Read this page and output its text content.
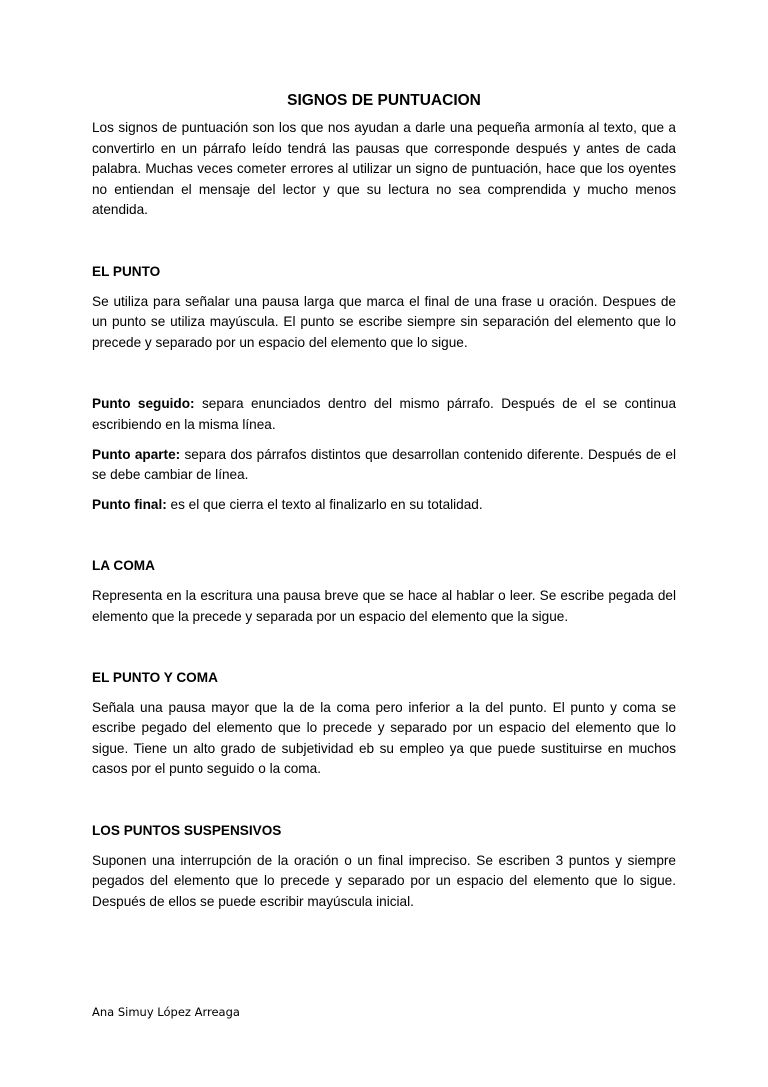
SIGNOS DE PUNTUACION

Los signos de puntuación son los que nos ayudan a darle una pequeña armonía al texto, que a convertirlo en un párrafo leído tendrá las pausas que corresponde después y antes de cada palabra. Muchas veces cometer errores al utilizar un signo de puntuación, hace que los oyentes no entiendan el mensaje del lector y que su lectura no sea comprendida y mucho menos atendida.

EL PUNTO

Se utiliza para señalar una pausa larga que marca el final de una frase u oración. Despues de un punto se utiliza mayúscula. El punto se escribe siempre sin separación del elemento que lo precede y separado por un espacio del elemento que lo sigue.

Punto seguido: separa enunciados dentro del mismo párrafo. Después de el se continua escribiendo en la misma línea.

Punto aparte: separa dos párrafos distintos que desarrollan contenido diferente. Después de el se debe cambiar de línea.

Punto final: es el que cierra el texto al finalizarlo en su totalidad.

LA COMA

Representa en la escritura una pausa breve que se hace al hablar o leer. Se escribe pegada del elemento que la precede y separada por un espacio del elemento que la sigue.

EL PUNTO Y COMA

Señala una pausa mayor que la de la coma pero inferior a la del punto. El punto y coma se escribe pegado del elemento que lo precede y separado por un espacio del elemento que lo sigue. Tiene un alto grado de subjetividad eb su empleo ya que puede sustituirse en muchos casos por el punto seguido o la coma.

LOS PUNTOS SUSPENSIVOS

Suponen una interrupción de la oración o un final impreciso. Se escriben 3 puntos y siempre pegados del elemento que lo precede y separado por un espacio del elemento que lo sigue. Después de ellos se puede escribir mayúscula inicial.

Ana Simuy López Arreaga
